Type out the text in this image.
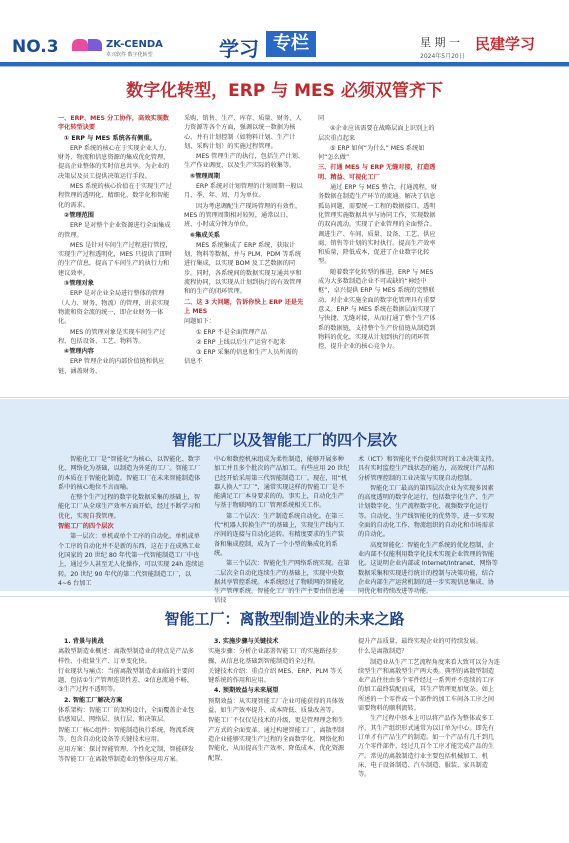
NO.3	ZK-CENDA
卓兴软件 数字化转型	学习 专栏	星 期 一
2024年5月20日
民建学习
数字化转型，ERP 与 MES 必须双管齐下

一、ERP、MES 分工协作，高效实现数字化转型诀要

① ERP 与 MES 系统各有侧重。

ERP 系统的核心在于实现企业人力、财务、物流和信息资源的集成优化管理，提高企业整体的实时信息共享。为企业的决策层及员工提供决策运行手段。

MES 系统的核心价值在于实现生产过程管理的透明化、精细化、数字化和智能化的需求。

②管理范围

ERP 是对整个企业资源进行全面集成的管理。

MES 是针对车间生产过程进行管控，实现生产过程透明化，MES 只提供了即时的生产信息，提高了车间生产的执行力和建议效率。

③管理对象

ERP 是对企业全局进行整体的管理（人力、财务、物流）的管理，讲求实现物流和资金流的统一，即企业财务一体化。

MES 的管理对象是实现车间生产过程，包括设备、工艺、物料等。

④管理内容

ERP 管理企业的内部价值链和供应链，涵盖财务、

采购、销售、生产、库存、质量、财务、人力资源等各个方面，强调以统一数据为核心，并有计划控制（如物料计划、生产计划、采购计划）的实施过程管理。

MES 管理生产的执行，包括生产计划、生产作业调度，以及生产实际的收集等。

⑤管理周期

ERP 系统对计划管理的计划周期一般以月、季、年、周、月为单位。

因为考虑调配生产现场管理的有效性，MES 的管理周期相对较短，通常以日、班、小时或分钟为单位。

⑥集成关系

MES 系统集成了 ERP 系统，获取计划、物料等数据，并与 PLM、PDM 等系统进行集成，以实现 BOM 及工艺数据的同步。同时，各系统间的数据实现互通共享和流程协同，以实现从计划到执行的有效管理和的生产的闭环管理。

二、这 3 大问题，告诉你快上 ERP 还是先上 MES

问题如下：

① ERP 不是全面管理产品

② ERP 上线以后生产运营不起来

③ ERP 采集的信息和生产人员所需的信息不

同

④企业应该需要在战略层面上识别上的层次重点起来

⑤ ERP 如何“为什么” MES 系统如何“怎么做”

三、打通 MES 与 ERP 无缝对接，打造透明、精益、可视化工厂

通过 ERP 与 MES 整合，打通流程，财务数据在制造生产环节的流通。解决了信息孤岛问题，需要统一工程的数据接口。透明化管理实施数据共享与协同工作，实现数据的双向流动。实现了企业管理的全面整合。调进生产、车间、质量、设备、工艺、供应商、销售等计划的实时执行。提高生产效率和质量，降低成本，促进了企业数字化转型。

随着数字化转型的推进，ERP 与 MES 成为大多数制造企业不可或缺的“神经中枢”，卓兴提供 ERP 与 MES 系统的完整联动，对企业实施全面的数字化管理具有重要意义。ERP 与 MES 系统在数据层面实现了与快捷、无缝对接，从而打通了整个生产体系的数据链，支持整个生产价值链从制造到物料的优化，实现从计划到执行的闭环管控，提升企业的核心竞争力。

智能工厂以及智能工厂的四个层次

智能化工厂是“智能化”为核心，以智能化、数字化、网络化为基础，以制造为外延的工厂。智能工厂的本质在于智能化制造。智能工厂在未来智能制造体系中的核心地位不言而喻。

在整个生产过程的数字化数据采集的基础上，智能化工厂从全球生产效率方面开始，经过不断学习和优化，实现自我管理。

智能工厂的四个层次

第一层次：单机或单个工序的自动化。单机或单个工序的自动化并不是新的东西，这在于在成熟工业化国家的 20 世纪 80 年代第一代智能制造工厂中也上，通过少人甚至无人化操作，可以实现 24h 连续运转。20 世纪 90 年代的第二代智能制造工厂，以 4~6 台加工

中心和数控机床组成为柔性制造，能够开展多种加工并且多个批次的产品加工。有些应用 20 世纪已经开始采用第三代智能制造工厂。现在，用“机器人换人”工厂”，通常实现这样的智能工厂是不能满足工厂本身要求的的。事实上，自动化生产与基于物联网的工厂管理系统相关工作。

第二个层次：生产制造系统自动化。在第三代“机器人转换生产”的基础上，实现生产线内工序间的连接与自动化运转。有精度要求的生产装备和集成控制，成为了一个小型的集成化的系统。

第三个层次：智能化生产网络系统实现。在第二层次全自动化连续生产的基础上，实现中央数据共享管控系统。本系统经过了物联网的智能化生产管理系统。智能化工厂的生产主要由信息通信技

术（ICT）和智能化平台提供实时的工业决策支持。具有实时监控生产线状态的能力，高效统计产品和分析管理控制的工业决策与实现自动控制。

智能化工厂最高的第四层次企业为实现多因素的高度透明的数字化运行，包括数字化生产、生产计划数字化、生产流程数字化、视频数字化运行等。自动化、生产线智能化的优势等，进一步实现全面的自动化工作、物流组织的自动化和市场需求的自动化。

高度智能化：智能化生产系统的优化控制，企业内部不仅能利用数字化技术实现企业管理的智能化。这说明企业内部或 Internet/Intranet、网络等数据采集和实现进行统计的控制与决策功能，结合企业内部生产运营机制的进一步实现信息集成、协同优化和持续改进等功能。

智能工厂：离散型制造业的未来之路

1. 背景与挑战

离散型制造业概述：离散型制造业的特点是产品多样性、小批量生产、订单变化快。

行业现状与痛点：当前离散型制造业面临的主要问题，包括①生产管理连贯性差、②信息流通不畅、③生产过程不透明等。

2. 智能工厂解决方案

体系架构：智能工厂的架构设计，全面覆盖企业包括感知层、网络层、执行层、和决策层。

智能工厂核心组件：智能制造执行系统、物流系统等、包含自动化设备等关键技术应用。

应用方案：探讨智能管理、个性化定制、智能研发等智能工厂在离散型制造业的整体应用方案。

3. 实施步骤与关键技术

实施步骤：分析企业部署智能工厂的实施路径步骤，从信息化基础到智能制造的全过程。

关键技术介绍：重点介绍 MES、ERP、PLM 等关键系统的作用和应用。

4. 预期效益与未来展望

预期效益：从实现智能工厂企业可能获得的具体效益，如生产效率提升、成本降低、质量改善等。

智能工厂不仅仅是技术的升级，更是管理理念和生产方式的全面变革。通过构建智能工厂，离散型制造企业能够实现生产过程的全面数字化、网络化和智能化，从而提高生产效率、降低成本、优化资源配置、

提升产品质量，最终实现企业的可持续发展。

什么是离散制造？

制造业从生产工艺流程角度来看大致可以分为连续型生产和离散型生产两大类。典型的离散型制造业产品往往由多个零件经过一系列并不连续的工序的加工最终装配而成，其生产管理更加复杂。如上所述的一个零件或一个部件的加工车间各工序之间需要物料的顺利流转。

生产过程中基本上可以将产品作为整体或多工序，其生产组织形式通常为以订单为中心。即先有订单才有产品生产的制造。如一个产品有几千到几万个零件部件，经过几百个工序才能完成产品的生产。常见的离散制造行业主要包括机械加工、机床、电子设备制造、汽车制造、服装、家具制造等。
